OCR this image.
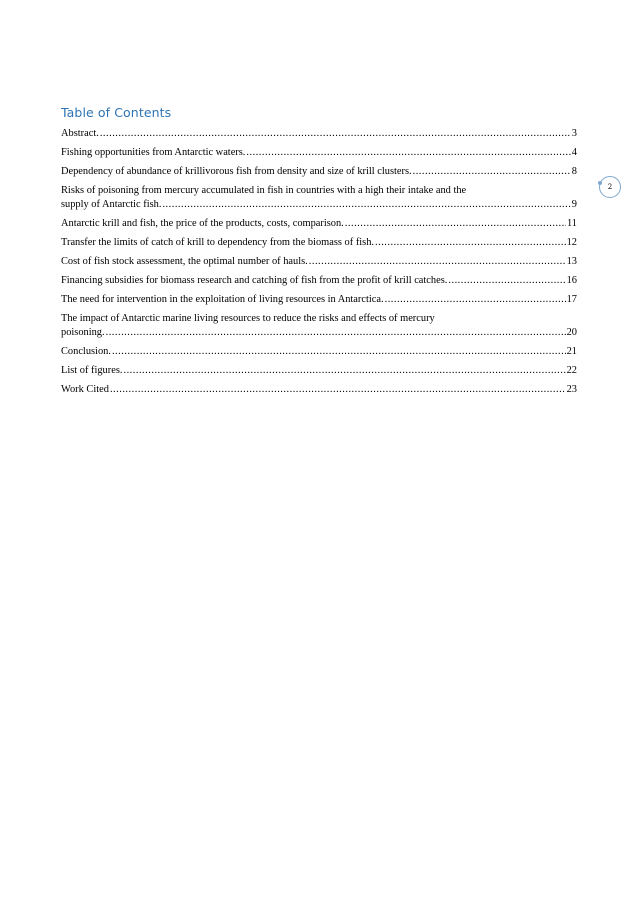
Table of Contents
Abstract. .....	3
Fishing opportunities from Antarctic waters. .....	4
Dependency of abundance of krillivorous fish from density and size of krill clusters. .....	8
Risks of poisoning from mercury accumulated in fish in countries with a high their intake and the
supply of Antarctic fish. .....	9
Antarctic krill and fish, the price of the products, costs, comparison. .....	11
Transfer the limits of catch of krill to dependency from the biomass of fish. .....	12
Cost of fish stock assessment, the optimal number of hauls. .....	13
Financing subsidies for biomass research and catching of fish from the profit of krill catches. .....	16
The need for intervention in the exploitation of living resources in Antarctica. .....	17
The impact of Antarctic marine living resources to reduce the risks and effects of mercury
poisoning. .....	20
Conclusion. .....	21
List of figures. .....	22
Work Cited .....	23
2
